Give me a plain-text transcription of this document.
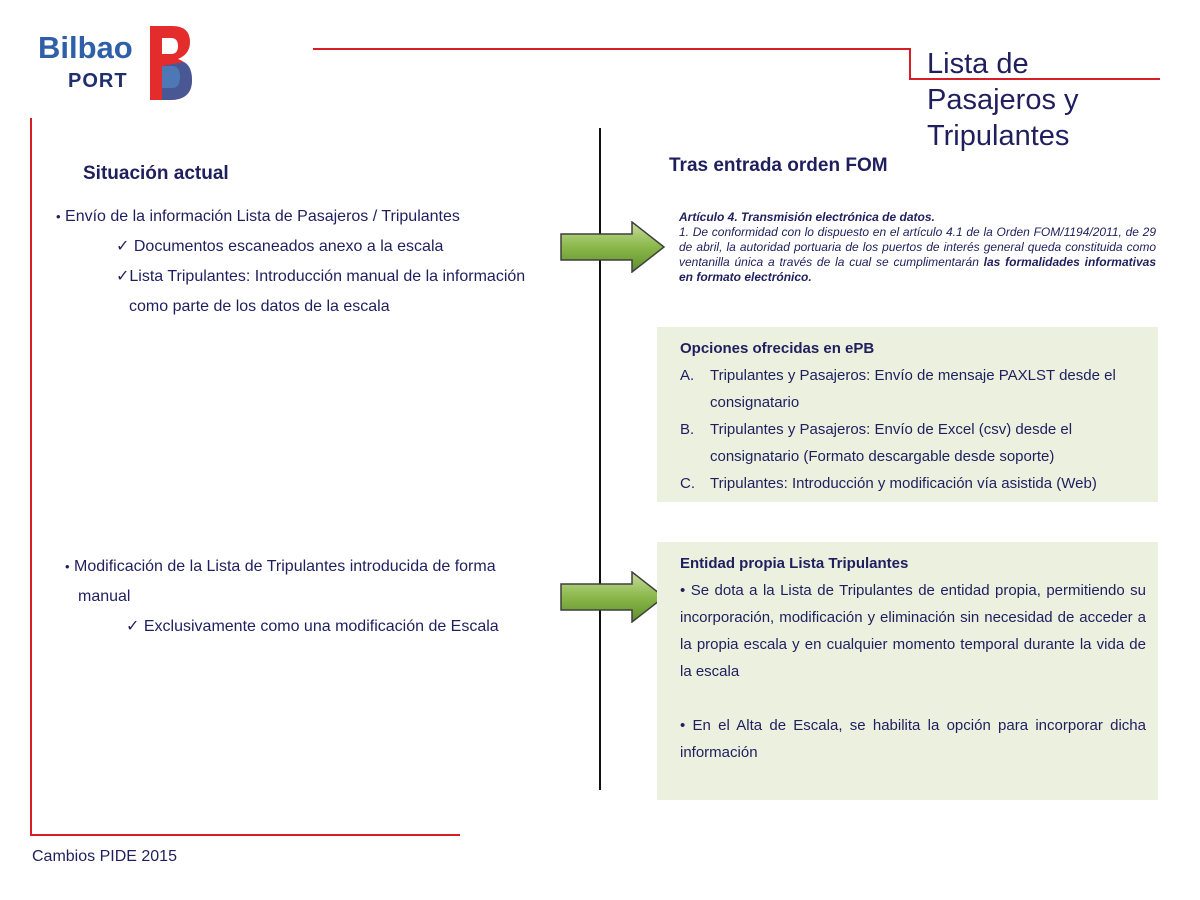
Bilbao
PORT
Lista de
Pasajeros y
Tripulantes
Situación actual
• Envío de la información Lista de Pasajeros / Tripulantes
✓ Documentos escaneados anexo a la escala
✓Lista Tripulantes: Introducción manual de la información
como parte de los datos de la escala
• Modificación de la Lista de Tripulantes introducida de forma
manual
✓ Exclusivamente como una modificación de Escala
Tras entrada orden FOM
Artículo 4. Transmisión electrónica de datos.
1. De conformidad con lo dispuesto en el artículo 4.1 de la Orden FOM/1194/2011, de 29 de abril, la autoridad portuaria de los puertos de interés general queda constituida como ventanilla única a través de la cual se cumplimentarán las formalidades informativas en formato electrónico.
Opciones ofrecidas en ePB
A. Tripulantes y Pasajeros: Envío de mensaje PAXLST desde el
consignatario
B. Tripulantes y Pasajeros: Envío de Excel (csv) desde el
consignatario (Formato descargable desde soporte)
C. Tripulantes: Introducción y modificación vía asistida (Web)
Entidad propia Lista Tripulantes
• Se dota a la Lista de Tripulantes de entidad propia, permitiendo su incorporación, modificación y eliminación sin necesidad de acceder a la propia escala y en cualquier momento temporal durante la vida de la escala
• En el Alta de Escala, se habilita la opción para incorporar dicha información
Cambios PIDE 2015
